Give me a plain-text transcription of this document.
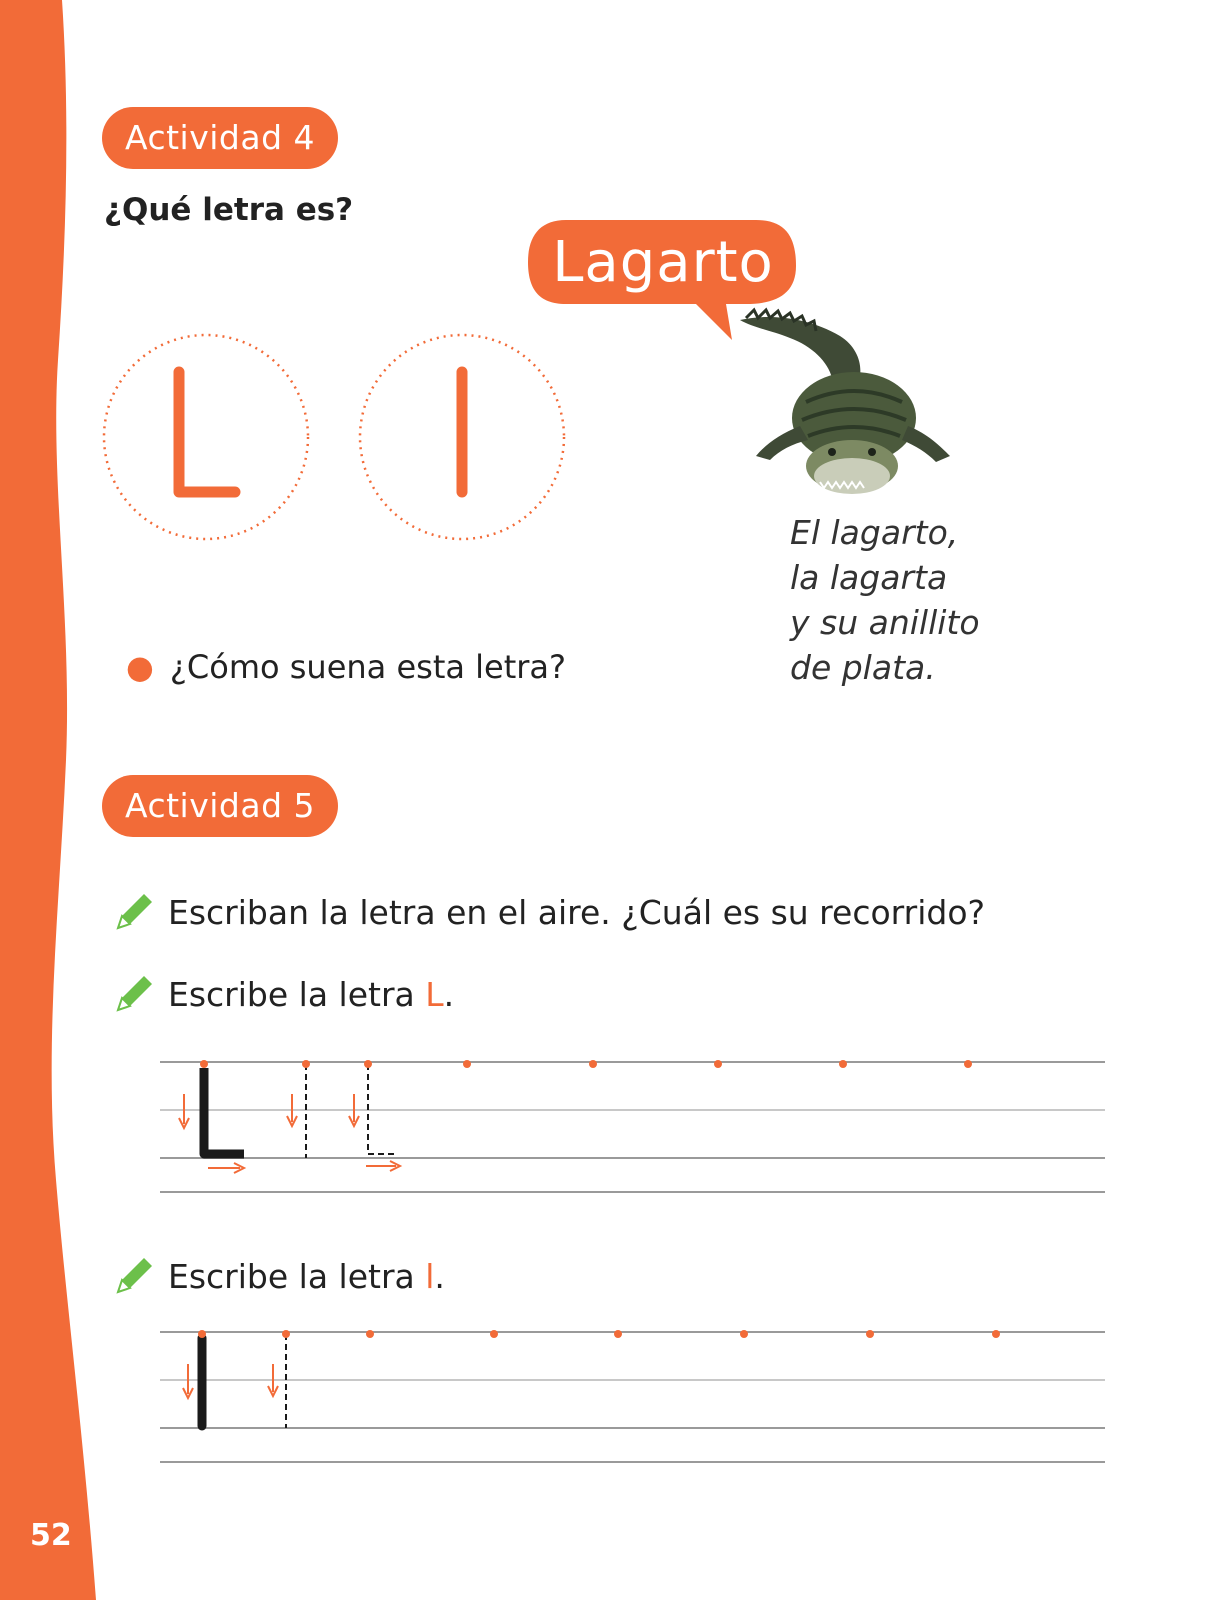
52
Actividad 4
¿Qué letra es?
● ¿Cómo suena esta letra?
Lagarto
El lagarto,
la lagarta
y su anillito
de plata.
Actividad 5
Escriban la letra en el aire. ¿Cuál es su recorrido?
Escribe la letra L.
Escribe la letra l.
